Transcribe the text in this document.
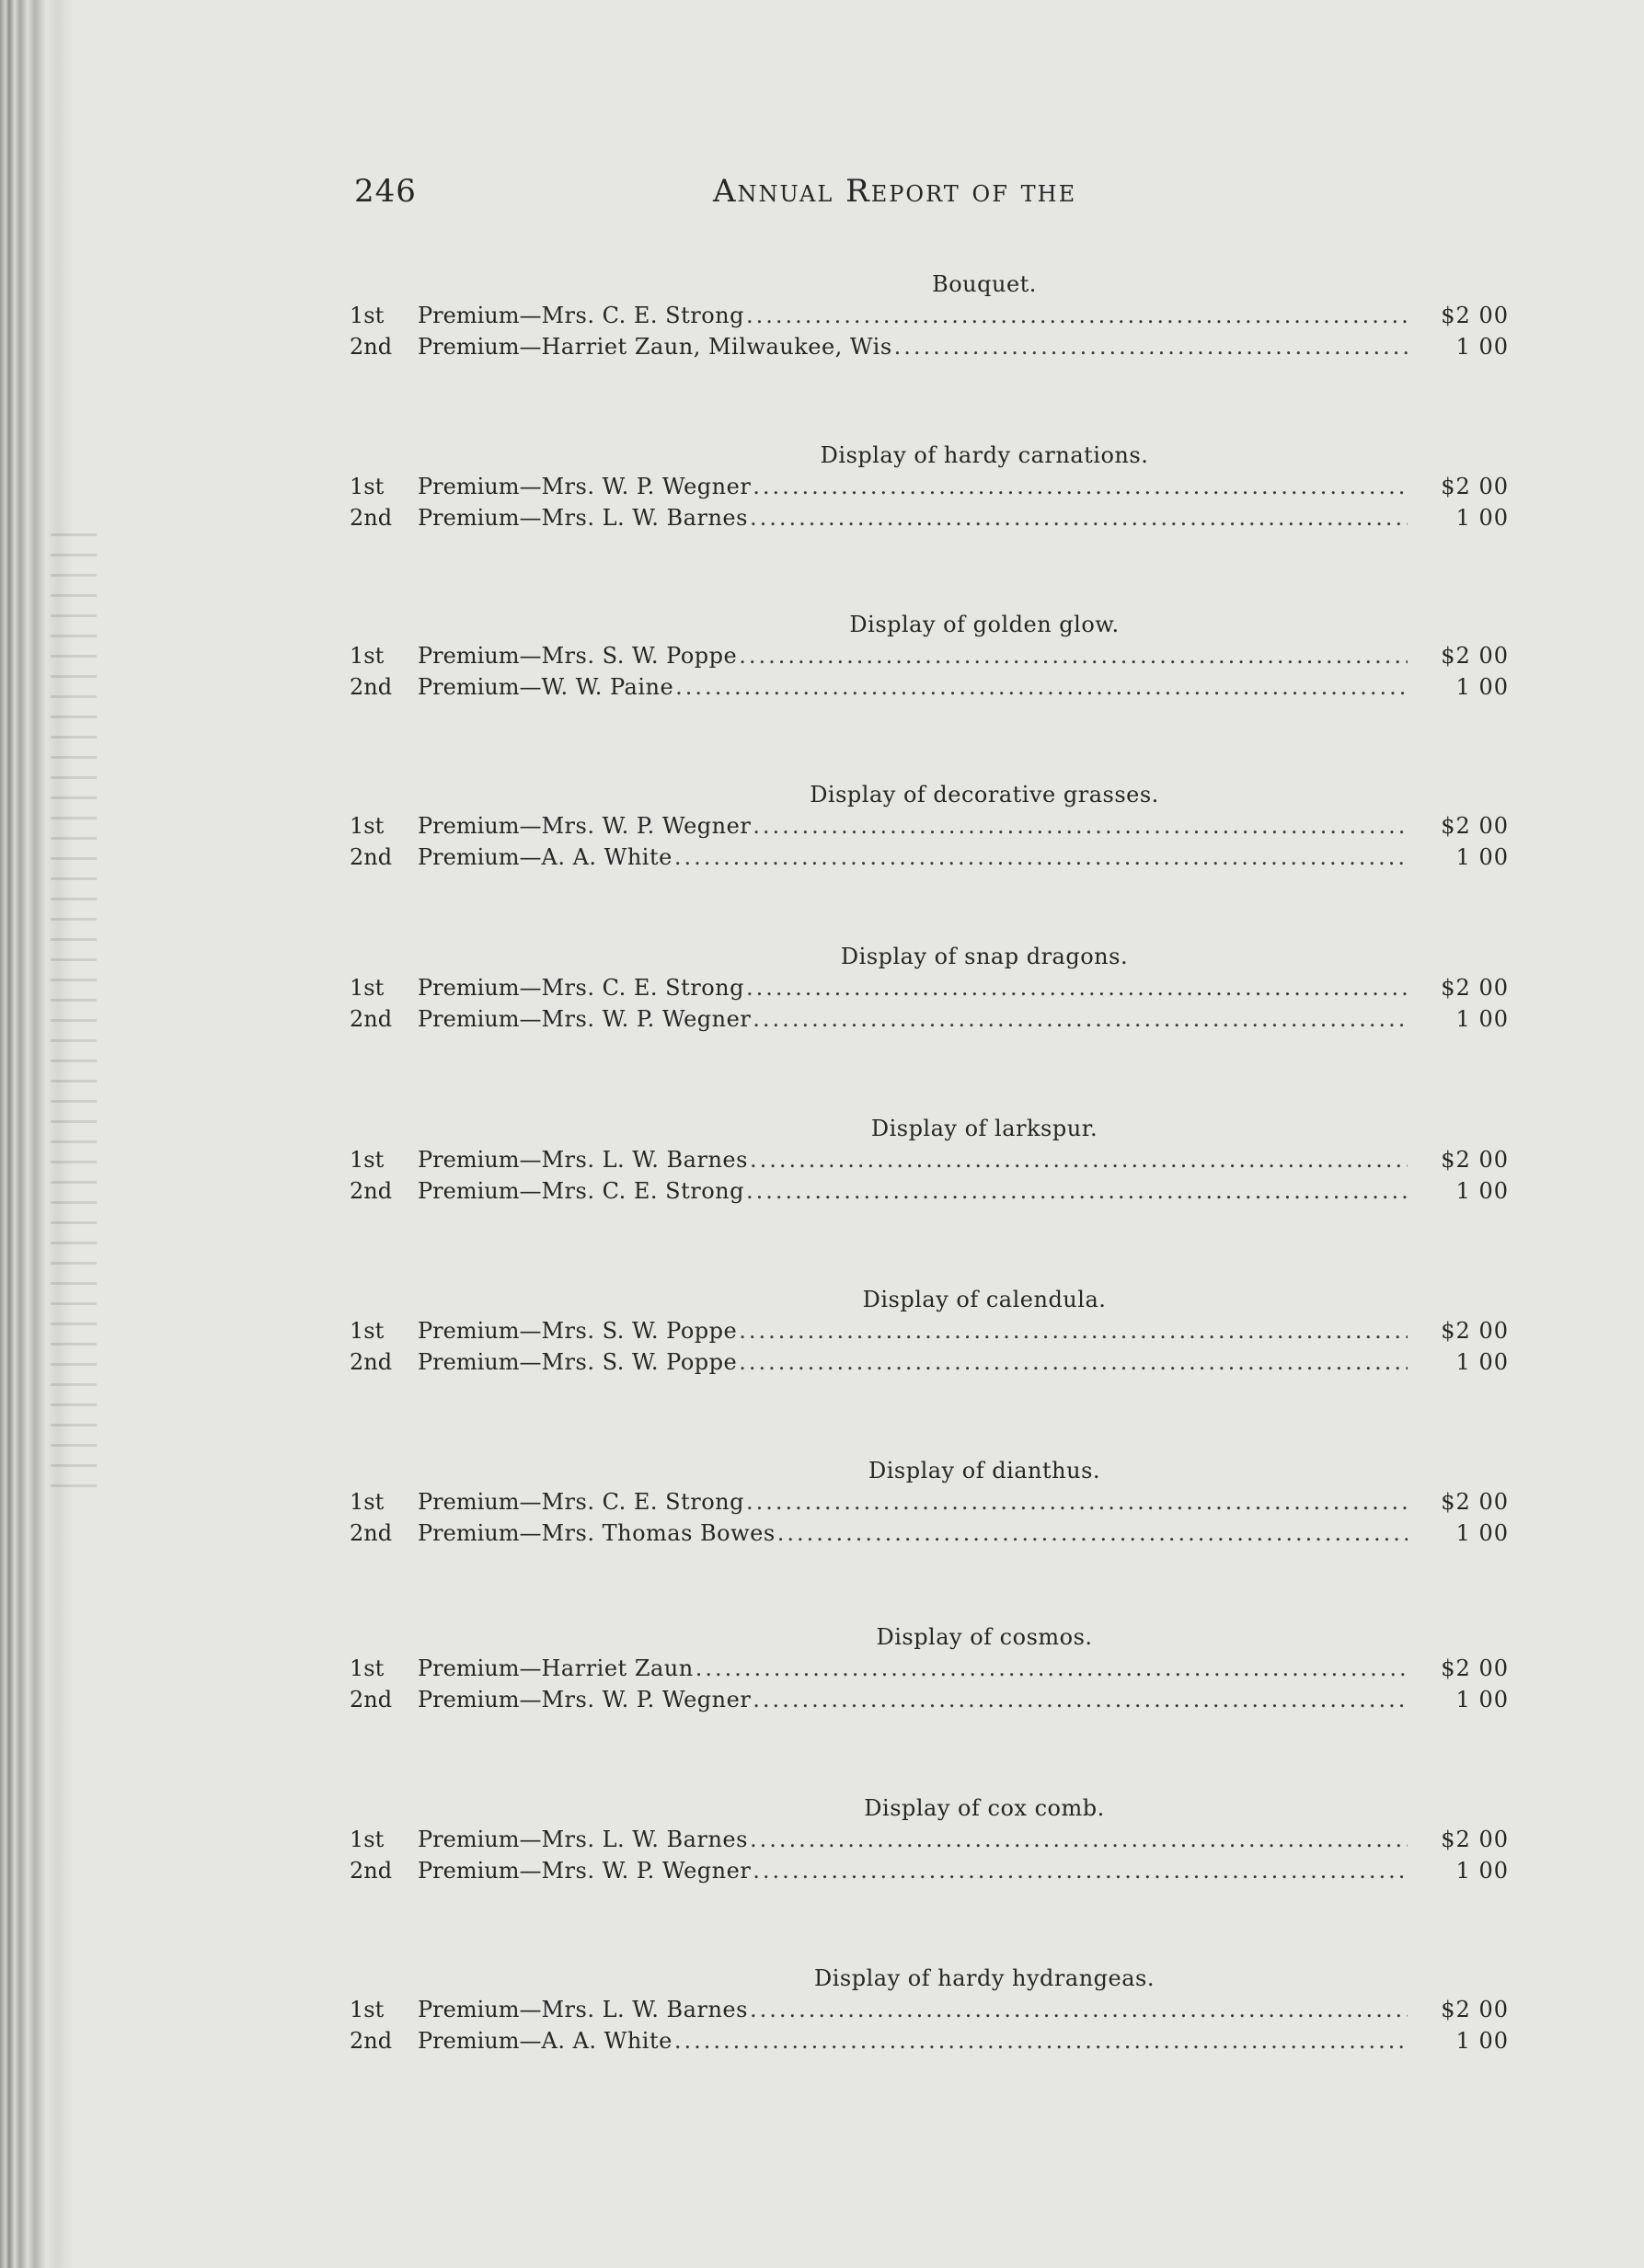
246	Annual Report of the
Bouquet.
1st	Premium — Mrs. C. E. Strong .....	$2 00
2nd	Premium — Harriet Zaun, Milwaukee, Wis .....	1 00
Display of hardy carnations.
1st	Premium — Mrs. W. P. Wegner .....	$2 00
2nd	Premium — Mrs. L. W. Barnes .....	1 00
Display of golden glow.
1st	Premium — Mrs. S. W. Poppe .....	$2 00
2nd	Premium — W. W. Paine .....	1 00
Display of decorative grasses.
1st	Premium — Mrs. W. P. Wegner .....	$2 00
2nd	Premium — A. A. White .....	1 00
Display of snap dragons.
1st	Premium — Mrs. C. E. Strong .....	$2 00
2nd	Premium — Mrs. W. P. Wegner .....	1 00
Display of larkspur.
1st	Premium — Mrs. L. W. Barnes .....	$2 00
2nd	Premium — Mrs. C. E. Strong .....	1 00
Display of calendula.
1st	Premium — Mrs. S. W. Poppe .....	$2 00
2nd	Premium — Mrs. S. W. Poppe .....	1 00
Display of dianthus.
1st	Premium — Mrs. C. E. Strong .....	$2 00
2nd	Premium — Mrs. Thomas Bowes .....	1 00
Display of cosmos.
1st	Premium — Harriet Zaun .....	$2 00
2nd	Premium — Mrs. W. P. Wegner .....	1 00
Display of cox comb.
1st	Premium — Mrs. L. W. Barnes .....	$2 00
2nd	Premium — Mrs. W. P. Wegner .....	1 00
Display of hardy hydrangeas.
1st	Premium — Mrs. L. W. Barnes .....	$2 00
2nd	Premium — A. A. White .....	1 00
